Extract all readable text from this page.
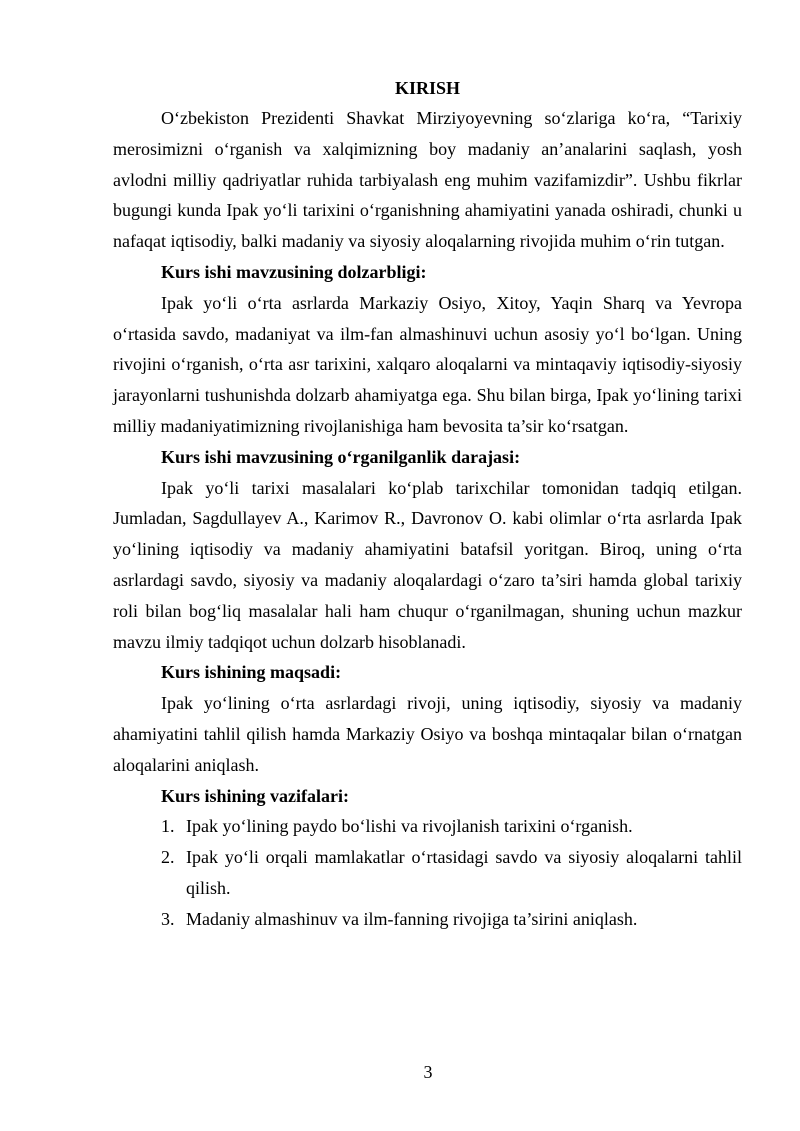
KIRISH

O‘zbekiston Prezidenti Shavkat Mirziyoyevning so‘zlariga ko‘ra, “Tarixiy merosimizni o‘rganish va xalqimizning boy madaniy an’analarini saqlash, yosh avlodni milliy qadriyatlar ruhida tarbiyalash eng muhim vazifamizdir”. Ushbu fikrlar bugungi kunda Ipak yo‘li tarixini o‘rganishning ahamiyatini yanada oshiradi, chunki u nafaqat iqtisodiy, balki madaniy va siyosiy aloqalarning rivojida muhim o‘rin tutgan.

Kurs ishi mavzusining dolzarbligi:

Ipak yo‘li o‘rta asrlarda Markaziy Osiyo, Xitoy, Yaqin Sharq va Yevropa o‘rtasida savdo, madaniyat va ilm-fan almashinuvi uchun asosiy yo‘l bo‘lgan. Uning rivojini o‘rganish, o‘rta asr tarixini, xalqaro aloqalarni va mintaqaviy iqtisodiy-siyosiy jarayonlarni tushunishda dolzarb ahamiyatga ega. Shu bilan birga, Ipak yo‘lining tarixi milliy madaniyatimizning rivojlanishiga ham bevosita ta’sir ko‘rsatgan.

Kurs ishi mavzusining o‘rganilganlik darajasi:

Ipak yo‘li tarixi masalalari ko‘plab tarixchilar tomonidan tadqiq etilgan. Jumladan, Sagdullayev A., Karimov R., Davronov O. kabi olimlar o‘rta asrlarda Ipak yo‘lining iqtisodiy va madaniy ahamiyatini batafsil yoritgan. Biroq, uning o‘rta asrlardagi savdo, siyosiy va madaniy aloqalardagi o‘zaro ta’siri hamda global tarixiy roli bilan bog‘liq masalalar hali ham chuqur o‘rganilmagan, shuning uchun mazkur mavzu ilmiy tadqiqot uchun dolzarb hisoblanadi.

Kurs ishining maqsadi:

Ipak yo‘lining o‘rta asrlardagi rivoji, uning iqtisodiy, siyosiy va madaniy ahamiyatini tahlil qilish hamda Markaziy Osiyo va boshqa mintaqalar bilan o‘rnatgan aloqalarini aniqlash.

Kurs ishining vazifalari:

1. Ipak yo‘lining paydo bo‘lishi va rivojlanish tarixini o‘rganish.
2. Ipak yo‘li orqali mamlakatlar o‘rtasidagi savdo va siyosiy aloqalarni tahlil qilish.
3. Madaniy almashinuv va ilm-fanning rivojiga ta’sirini aniqlash.
3
